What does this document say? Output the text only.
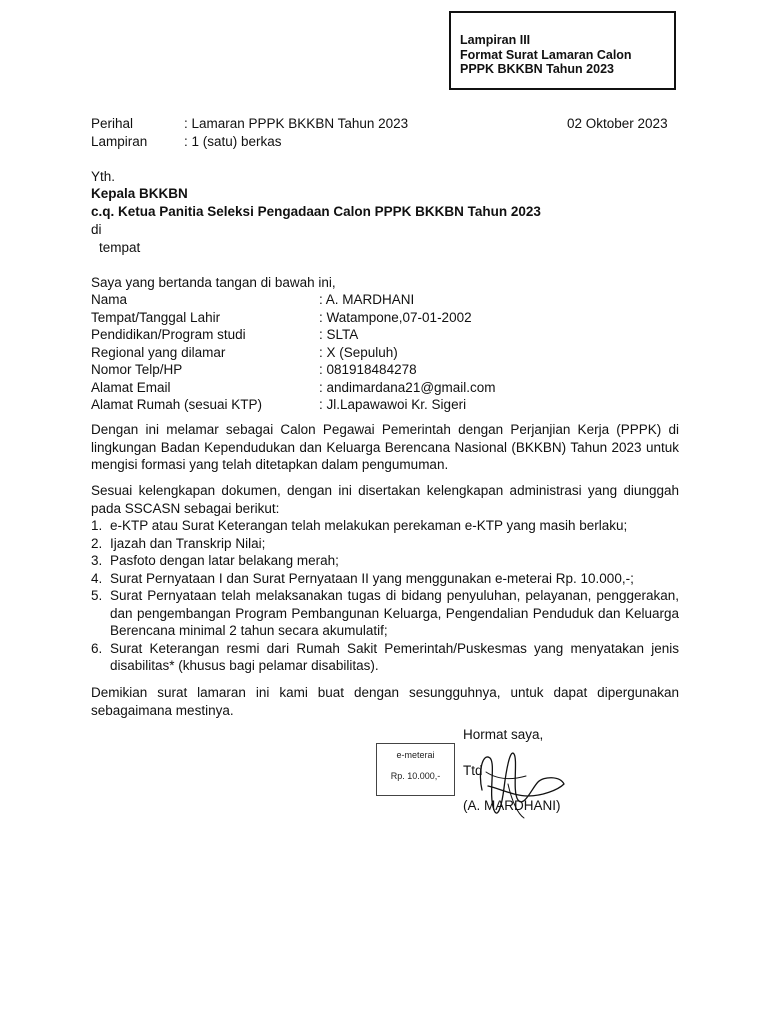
Lampiran III
Format Surat Lamaran Calon
PPPK BKKBN Tahun 2023
Perihal	: Lamaran PPPK BKKBN Tahun 2023	02 Oktober 2023
Lampiran	: 1 (satu) berkas
Yth.
Kepala BKKBN
c.q. Ketua Panitia Seleksi Pengadaan Calon PPPK BKKBN Tahun 2023
di
tempat
Saya yang bertanda tangan di bawah ini,
Nama	: A. MARDHANI
Tempat/Tanggal Lahir	: Watampone,07-01-2002
Pendidikan/Program studi	: SLTA
Regional yang dilamar	: X (Sepuluh)
Nomor Telp/HP	: 081918484278
Alamat Email	: andimardana21@gmail.com
Alamat Rumah (sesuai KTP)	: Jl.Lapawawoi Kr. Sigeri
Dengan ini melamar sebagai Calon Pegawai Pemerintah dengan Perjanjian Kerja (PPPK) di lingkungan Badan Kependudukan dan Keluarga Berencana Nasional (BKKBN) Tahun 2023 untuk mengisi formasi yang telah ditetapkan dalam pengumuman.
Sesuai kelengkapan dokumen, dengan ini disertakan kelengkapan administrasi yang diunggah pada SSCASN sebagai berikut:
1. e-KTP atau Surat Keterangan telah melakukan perekaman e-KTP yang masih berlaku;
2. Ijazah dan Transkrip Nilai;
3. Pasfoto dengan latar belakang merah;
4. Surat Pernyataan I dan Surat Pernyataan II yang menggunakan e-meterai Rp. 10.000,-;
5. Surat Pernyataan telah melaksanakan tugas di bidang penyuluhan, pelayanan, penggerakan, dan pengembangan Program Pembangunan Keluarga, Pengendalian Penduduk dan Keluarga Berencana minimal 2 tahun secara akumulatif;
6. Surat Keterangan resmi dari Rumah Sakit Pemerintah/Puskesmas yang menyatakan jenis disabilitas* (khusus bagi pelamar disabilitas).
Demikian surat lamaran ini kami buat dengan sesungguhnya, untuk dapat dipergunakan sebagaimana mestinya.
Hormat saya,
e-meterai
Rp. 10.000,-	Ttd
(A. MARDHANI)
